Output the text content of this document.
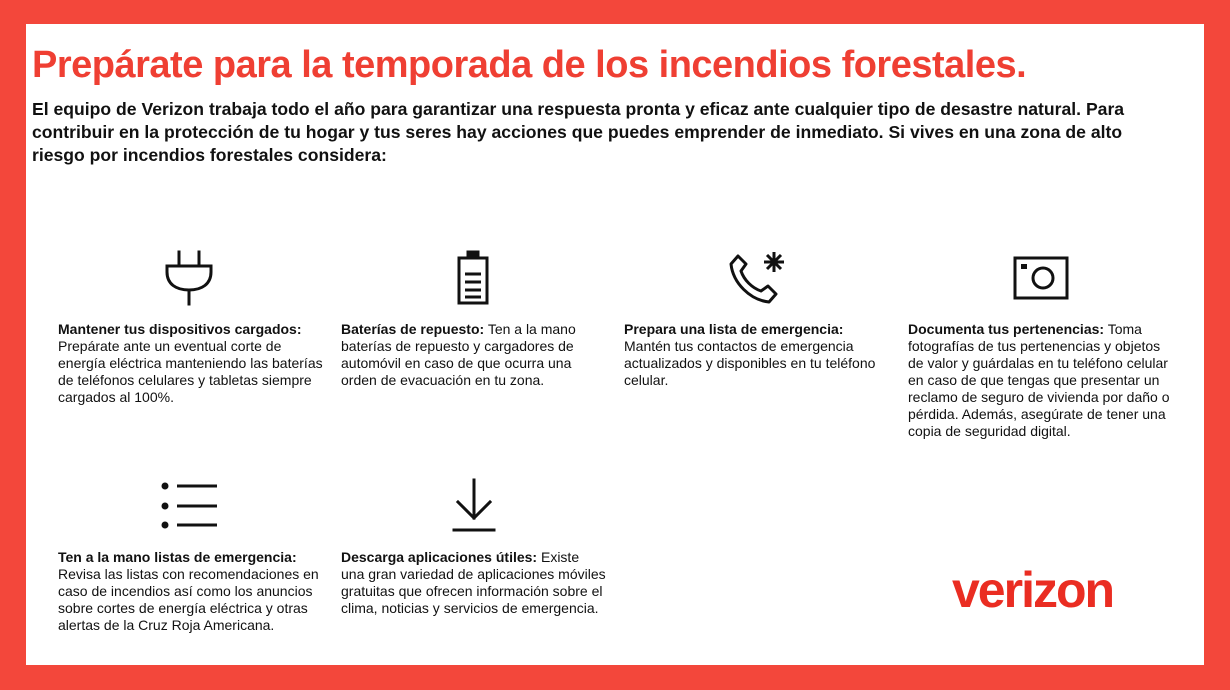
Prepárate para la temporada de los incendios forestales.

El equipo de Verizon trabaja todo el año para garantizar una respuesta pronta y eficaz ante cualquier tipo de desastre natural. Para contribuir en la protección de tu hogar y tus seres hay acciones que puedes emprender de inmediato. Si vives en una zona de alto riesgo por incendios forestales considera:

Mantener tus dispositivos cargados:
Prepárate ante un eventual corte de energía eléctrica manteniendo las baterías de teléfonos celulares y tabletas siempre cargados al 100%.

Baterías de repuesto: Ten a la mano baterías de repuesto y cargadores de automóvil en caso de que ocurra una orden de evacuación en tu zona.

Prepara una lista de emergencia:
Mantén tus contactos de emergencia actualizados y disponibles en tu teléfono celular.

Documenta tus pertenencias: Toma fotografías de tus pertenencias y objetos de valor y guárdalas en tu teléfono celular en caso de que tengas que presentar un reclamo de seguro de vivienda por daño o pérdida. Además, asegúrate de tener una copia de seguridad digital.

Ten a la mano listas de emergencia:
Revisa las listas con recomendaciones en caso de incendios así como los anuncios sobre cortes de energía eléctrica y otras alertas de la Cruz Roja Americana.

Descarga aplicaciones útiles: Existe una gran variedad de aplicaciones móviles gratuitas que ofrecen información sobre el clima, noticias y servicios de emergencia.	verizon
